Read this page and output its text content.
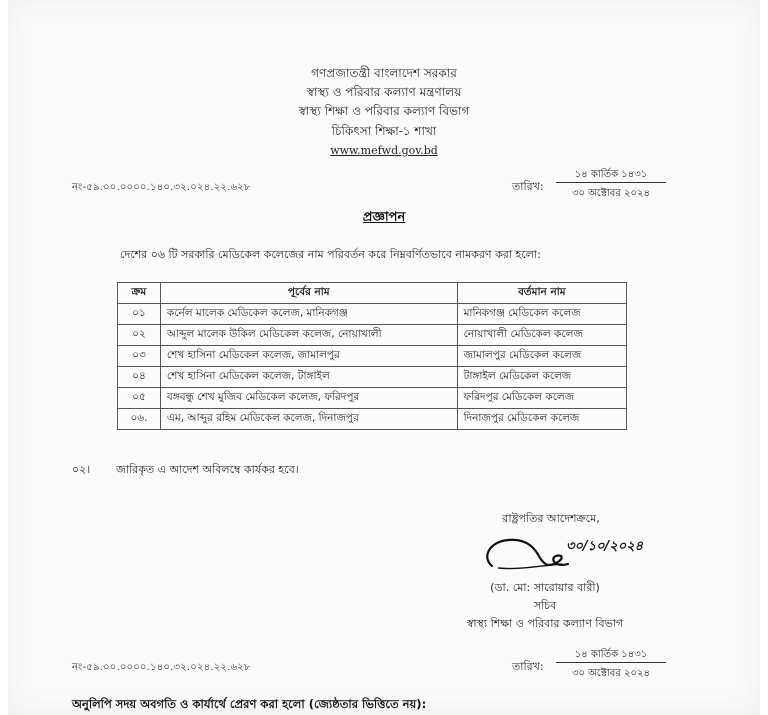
গণপ্রজাতন্ত্রী বাংলাদেশ সরকার
স্বাস্থ্য ও পরিবার কল্যাণ মন্ত্রণালয়
স্বাস্থ্য শিক্ষা ও পরিবার কল্যাণ বিভাগ
চিকিৎসা শিক্ষা-১ শাখা
www.mefwd.gov.bd
নং-৫৯.০০.০০০০.১৪০.৩২.০২৪.২২.৬২৮	তারিখ:
১৪ কার্তিক ১৪৩১
৩০ অক্টোবর ২০২৪
প্রজ্ঞাপন
দেশের ০৬ টি সরকারি মেডিকেল কলেজের নাম পরিবর্তন করে নিম্নবর্ণিতভাবে নামকরণ করা হলো:
ক্রম	পূর্বের নাম	বর্তমান নাম
০১	কর্নেল মালেক মেডিকেল কলেজ, মানিকগঞ্জ	মানিকগঞ্জ মেডিকেল কলেজ
০২	আব্দুল মালেক উকিল মেডিকেল কলেজ, নোয়াখালী	নোয়াখালী মেডিকেল কলেজ
০৩	শেখ হাসিনা মেডিকেল কলেজ, জামালপুর	জামালপুর মেডিকেল কলেজ
০৪	শেখ হাসিনা মেডিকেল কলেজ, টাঙ্গাইল	টাঙ্গাইল মেডিকেল কলেজ
০৫	বঙ্গবন্ধু শেখ মুজিব মেডিকেল কলেজ, ফরিদপুর	ফরিদপুর মেডিকেল কলেজ
০৬.	এম, আব্দুর রহিম মেডিকেল কলেজ, দিনাজপুর	দিনাজপুর মেডিকেল কলেজ
০২। জারিকৃত এ আদেশ অবিলম্বে কার্যকর হবে।
রাষ্ট্রপতির আদেশক্রমে,
৩০/১০/২০২৪
(ডা. মো: সারোয়ার বারী)
সচিব
স্বাস্থ্য শিক্ষা ও পরিবার কল্যাণ বিভাগ
নং-৫৯.০০.০০০০.১৪০.৩২.০২৪.২২.৬২৮	তারিখ:
১৪ কার্তিক ১৪৩১
৩০ অক্টোবর ২০২৪
অনুলিপি সদয় অবগতি ও কার্যার্থে প্রেরণ করা হলো (জ্যেষ্ঠতার ভিত্তিতে নয়):
